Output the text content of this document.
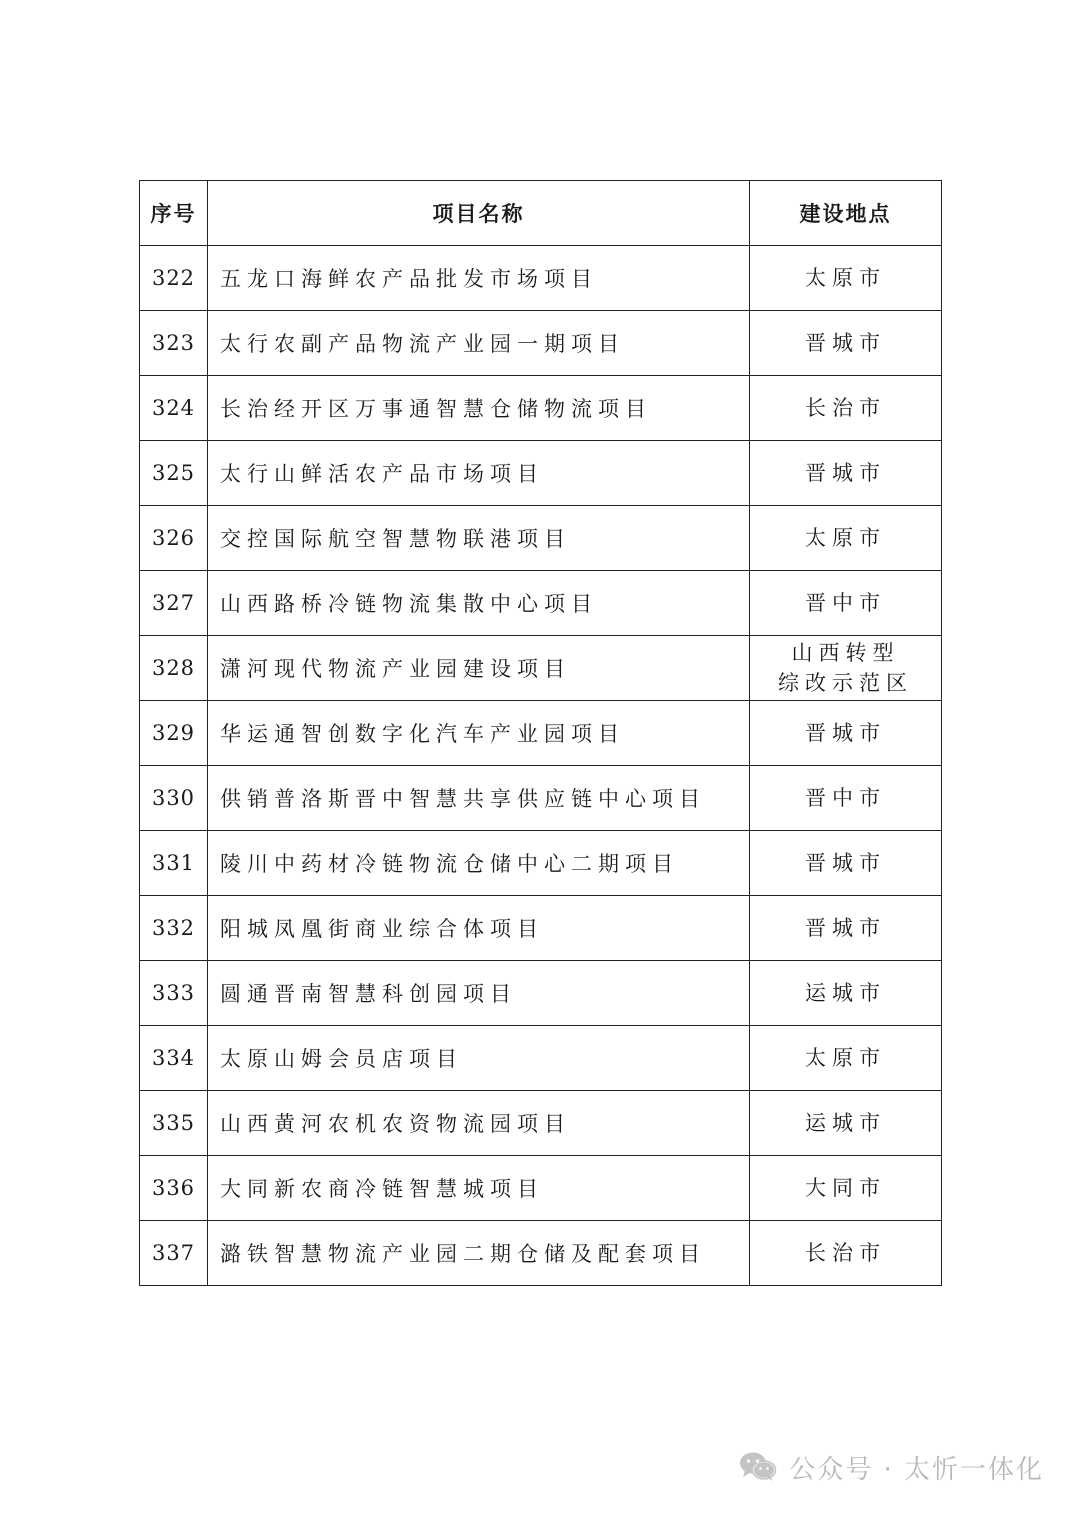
序号	项目名称	建设地点
322	五龙口海鲜农产品批发市场项目	太原市

323	太行农副产品物流产业园一期项目	晋城市

324	长治经开区万事通智慧仓储物流项目	长治市

325	太行山鲜活农产品市场项目	晋城市

326	交控国际航空智慧物联港项目	太原市

327	山西路桥冷链物流集散中心项目	晋中市

328	潇河现代物流产业园建设项目	山西转型
综改示范区

329	华运通智创数字化汽车产业园项目	晋城市

330	供销普洛斯晋中智慧共享供应链中心项目	晋中市

331	陵川中药材冷链物流仓储中心二期项目	晋城市

332	阳城凤凰街商业综合体项目	晋城市

333	圆通晋南智慧科创园项目	运城市

334	太原山姆会员店项目	太原市

335	山西黄河农机农资物流园项目	运城市

336	大同新农商冷链智慧城项目	大同市

337	潞铁智慧物流产业园二期仓储及配套项目	长治市
公众号 · 太忻一体化
